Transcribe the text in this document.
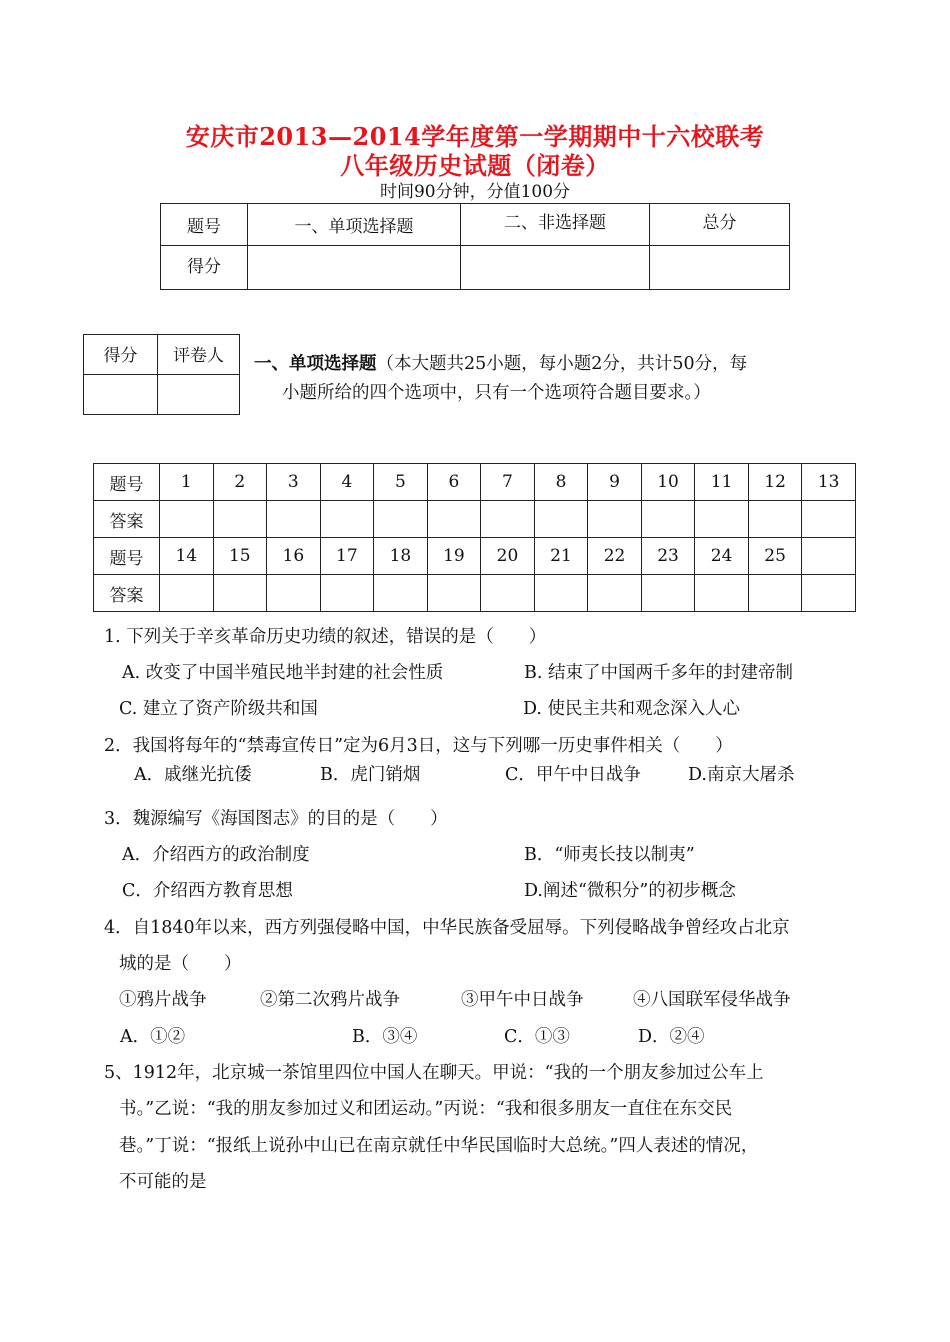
安庆市2013—2014学年度第一学期期中十六校联考
八年级历史试题（闭卷）
时间90分钟，分值100分
题号	一、单项选择题	二、非选择题	总分
得分			
得分	评卷人
	一、单项选择题（本大题共25小题，每小题2分，共计50分，每
小题所给的四个选项中，只有一个选项符合题目要求。）
题号	1	2	3	4	5	6	7	8	9	10	11	12	13
答案													
题号	14	15	16	17	18	19	20	21	22	23	24	25	
答案													
1. 下列关于辛亥革命历史功绩的叙述，错误的是（　　）
A. 改变了中国半殖民地半封建的社会性质	B. 结束了中国两千多年的封建帝制
C. 建立了资产阶级共和国	D. 使民主共和观念深入人心
2．我国将每年的“禁毒宣传日”定为6月3日，这与下列哪一历史事件相关（　　）
A．戚继光抗倭	B．虎门销烟	C．甲午中日战争	D.南京大屠杀
3．魏源编写《海国图志》的目的是（　　）
A．介绍西方的政治制度	B．“师夷长技以制夷”
C．介绍西方教育思想	D.阐述“微积分”的初步概念
4．自1840年以来，西方列强侵略中国，中华民族备受屈辱。下列侵略战争曾经攻占北京
城的是（　　）
①鸦片战争	②第二次鸦片战争	③甲午中日战争	④八国联军侵华战争
A．①②	B．③④	C．①③	D．②④
5、1912年，北京城一茶馆里四位中国人在聊天。甲说：“我的一个朋友参加过公车上
书。”乙说：“我的朋友参加过义和团运动。”丙说：“我和很多朋友一直住在东交民
巷。”丁说：“报纸上说孙中山已在南京就任中华民国临时大总统。”四人表述的情况，
不可能的是
